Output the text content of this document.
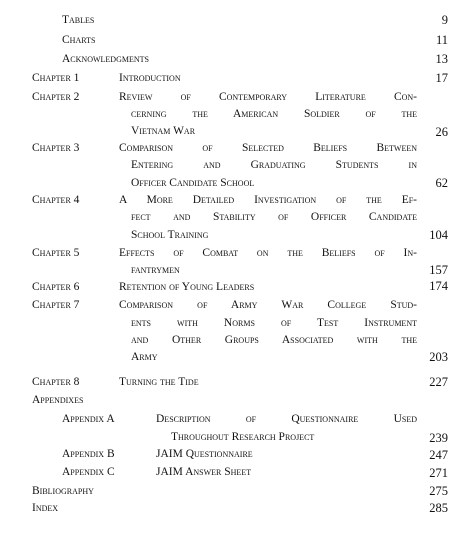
Tables	9
Charts	11
Acknowledgments	13
Chapter 1	Introduction	17
Chapter 2	Review of Contemporary Literature Con-
cerning the American Soldier of the
Vietnam War	26
Chapter 3	Comparison of Selected Beliefs Between
Entering and Graduating Students in
Officer Candidate School	62
Chapter 4	A More Detailed Investigation of the Ef-
fect and Stability of Officer Candidate
School Training	104
Chapter 5	Effects of Combat on the Beliefs of In-
fantrymen	157
Chapter 6	Retention of Young Leaders	174
Chapter 7	Comparison of Army War College Stud-
ents with Norms of Test Instrument
and Other Groups Associated with the
Army	203
Chapter 8	Turning the Tide	227
Appendixes
Appendix A	Description of Questionnaire Used
Throughout Research Project	239
Appendix B	JAIM Questionnaire	247
Appendix C	JAIM Answer Sheet	271
Bibliography	275
Index	285
